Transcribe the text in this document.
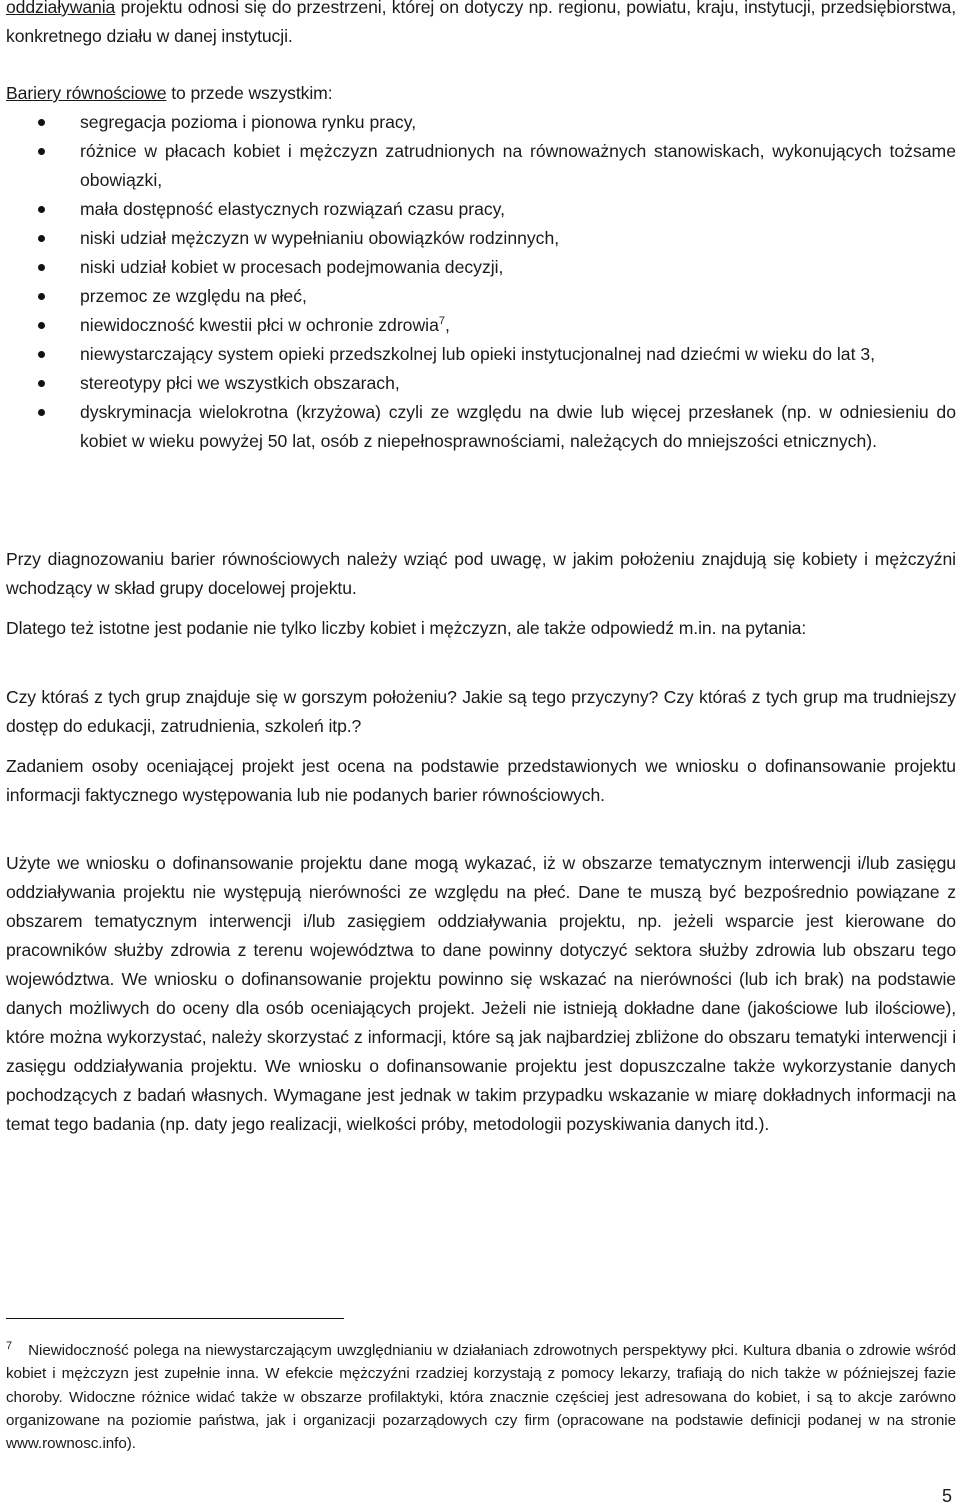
oddziaływania projektu odnosi się do przestrzeni, której on dotyczy np. regionu, powiatu, kraju, instytucji, przedsiębiorstwa, konkretnego działu w danej instytucji.

Bariery równościowe to przede wszystkim:

segregacja pozioma i pionowa rynku pracy,
różnice w płacach kobiet i mężczyzn zatrudnionych na równoważnych stanowiskach, wykonujących tożsame obowiązki,
mała dostępność elastycznych rozwiązań czasu pracy,
niski udział mężczyzn w wypełnianiu obowiązków rodzinnych,
niski udział kobiet w procesach podejmowania decyzji,
przemoc ze względu na płeć,
niewidoczność kwestii płci w ochronie zdrowia$^7$,
niewystarczający system opieki przedszkolnej lub opieki instytucjonalnej nad dziećmi w wieku do lat 3,
stereotypy płci we wszystkich obszarach,
dyskryminacja wielokrotna (krzyżowa) czyli ze względu na dwie lub więcej przesłanek (np. w odniesieniu do kobiet w wieku powyżej 50 lat, osób z niepełnosprawnościami, należących do mniejszości etnicznych).

Przy diagnozowaniu barier równościowych należy wziąć pod uwagę, w jakim położeniu znajdują się kobiety i mężczyźni wchodzący w skład grupy docelowej projektu.

Dlatego też istotne jest podanie nie tylko liczby kobiet i mężczyzn, ale także odpowiedź m.in. na pytania:

Czy któraś z tych grup znajduje się w gorszym położeniu? Jakie są tego przyczyny? Czy któraś z tych grup ma trudniejszy dostęp do edukacji, zatrudnienia, szkoleń itp.?

Zadaniem osoby oceniającej projekt jest ocena na podstawie przedstawionych we wniosku o dofinansowanie projektu informacji faktycznego występowania lub nie podanych barier równościowych.

Użyte we wniosku o dofinansowanie projektu dane mogą wykazać, iż w obszarze tematycznym interwencji i/lub zasięgu oddziaływania projektu nie występują nierówności ze względu na płeć. Dane te muszą być bezpośrednio powiązane z obszarem tematycznym interwencji i/lub zasięgiem oddziaływania projektu, np. jeżeli wsparcie jest kierowane do pracowników służby zdrowia z terenu województwa to dane powinny dotyczyć sektora służby zdrowia lub obszaru tego województwa. We wniosku o dofinansowanie projektu powinno się wskazać na nierówności (lub ich brak) na podstawie danych możliwych do oceny dla osób oceniających projekt. Jeżeli nie istnieją dokładne dane (jakościowe lub ilościowe), które można wykorzystać, należy skorzystać z informacji, które są jak najbardziej zbliżone do obszaru tematyki interwencji i zasięgu oddziaływania projektu. We wniosku o dofinansowanie projektu jest dopuszczalne także wykorzystanie danych pochodzących z badań własnych. Wymagane jest jednak w takim przypadku wskazanie w miarę dokładnych informacji na temat tego badania (np. daty jego realizacji, wielkości próby, metodologii pozyskiwania danych itd.).

$^7$ Niewidoczność polega na niewystarczającym uwzględnianiu w działaniach zdrowotnych perspektywy płci. Kultura dbania o zdrowie wśród kobiet i mężczyzn jest zupełnie inna. W efekcie mężczyźni rzadziej korzystają z pomocy lekarzy, trafiają do nich także w późniejszej fazie choroby. Widoczne różnice widać także w obszarze profilaktyki, która znacznie częściej jest adresowana do kobiet, i są to akcje zarówno organizowane na poziomie państwa, jak i organizacji pozarządowych czy firm (opracowane na podstawie definicji podanej w na stronie www.rownosc.info).

5
